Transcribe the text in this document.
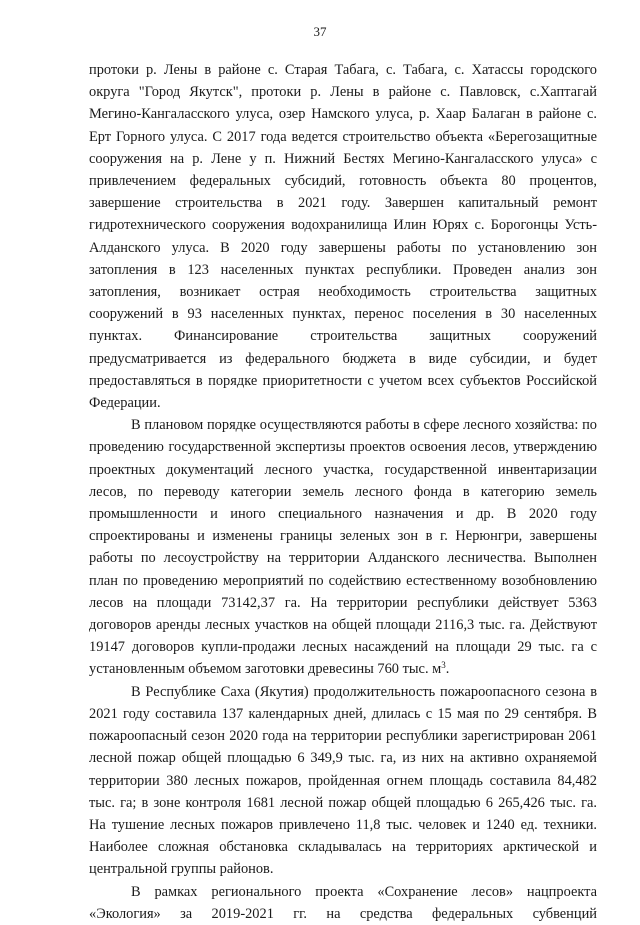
37

протоки р. Лены в районе с. Старая Табага, с. Табага, с. Хатассы городского округа "Город Якутск", протоки р. Лены в районе с. Павловск, с.Хаптагай Мегино-Кангаласского улуса, озер Намского улуса, р. Хаар Балаган в районе с. Ерт Горного улуса. С 2017 года ведется строительство объекта «Берегозащитные сооружения на р. Лене у п. Нижний Бестях Мегино-Кангаласского улуса» с привлечением федеральных субсидий, готовность объекта 80 процентов, завершение строительства в 2021 году. Завершен капитальный ремонт гидротехнического сооружения водохранилища Илин Юрях с. Борогонцы Усть-Алданского улуса. В 2020 году завершены работы по установлению зон затопления в 123 населенных пунктах республики. Проведен анализ зон затопления, возникает острая необходимость строительства защитных сооружений в 93 населенных пунктах, перенос поселения в 30 населенных пунктах. Финансирование строительства защитных сооружений предусматривается из федерального бюджета в виде субсидии, и будет предоставляться в порядке приоритетности с учетом всех субъектов Российской Федерации.

В плановом порядке осуществляются работы в сфере лесного хозяйства: по проведению государственной экспертизы проектов освоения лесов, утверждению проектных документаций лесного участка, государственной инвентаризации лесов, по переводу категории земель лесного фонда в категорию земель промышленности и иного специального назначения и др. В 2020 году спроектированы и изменены границы зеленых зон в г. Нерюнгри, завершены работы по лесоустройству на территории Алданского лесничества. Выполнен план по проведению мероприятий по содействию естественному возобновлению лесов на площади 73142,37 га. На территории республики действует 5363 договоров аренды лесных участков на общей площади 2116,3 тыс. га. Действуют 19147 договоров купли-продажи лесных насаждений на площади 29 тыс. га с установленным объемом заготовки древесины 760 тыс. $м^3$.

В Республике Саха (Якутия) продолжительность пожароопасного сезона в 2021 году составила 137 календарных дней, длилась с 15 мая по 29 сентября. В пожароопасный сезон 2020 года на территории республики зарегистрирован 2061 лесной пожар общей площадью 6 349,9 тыс. га, из них на активно охраняемой территории 380 лесных пожаров, пройденная огнем площадь составила 84,482 тыс. га; в зоне контроля 1681 лесной пожар общей площадью 6 265,426 тыс. га. На тушение лесных пожаров привлечено 11,8 тыс. человек и 1240 ед. техники. Наиболее сложная обстановка складывалась на территориях арктической и центральной группы районов.

В рамках регионального проекта «Сохранение лесов» нацпроекта «Экология» за 2019-2021 гг. на средства федеральных субвенций
